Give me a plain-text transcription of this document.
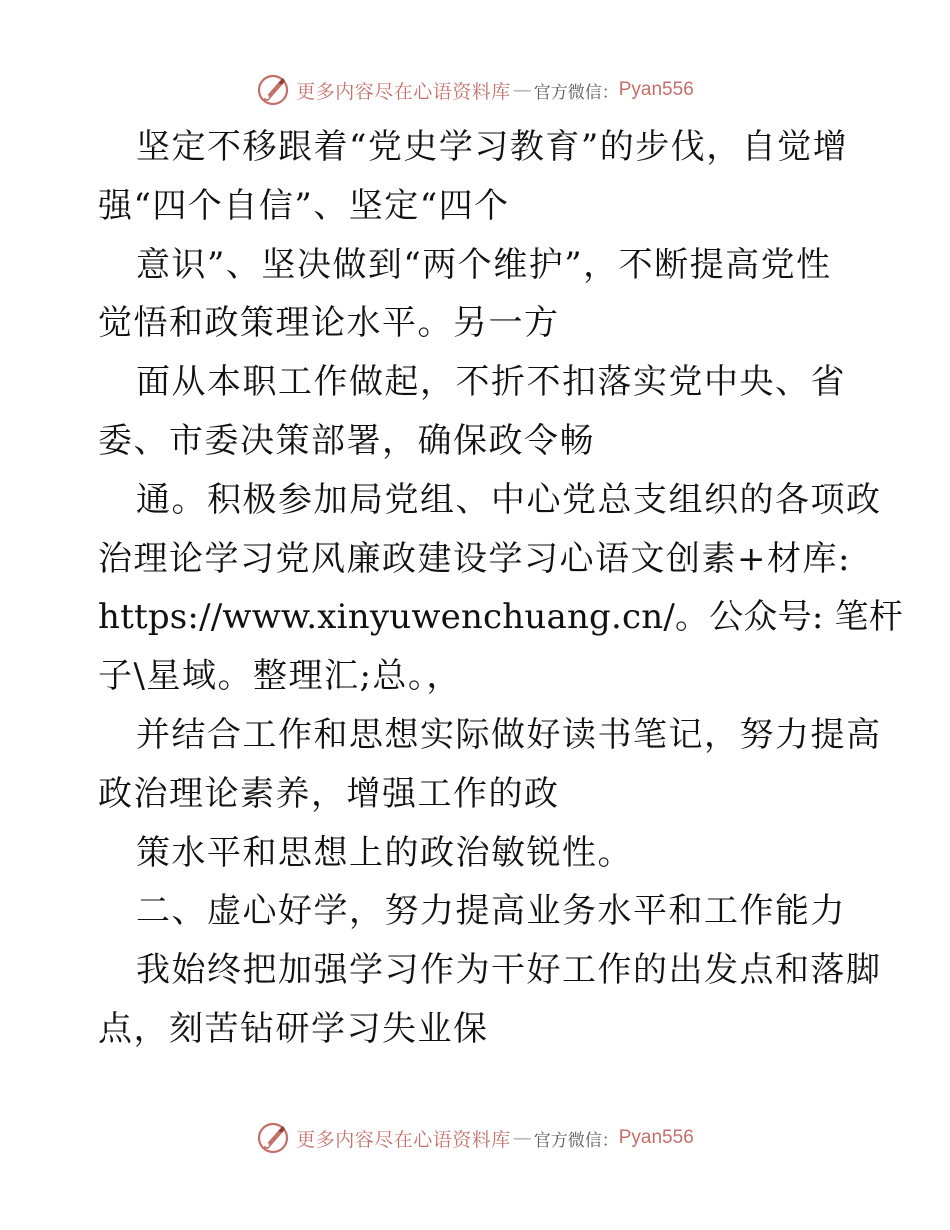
更多内容尽在心语资料库 — 官方微信： Pyan556
坚定不移跟着“党史学习教育”的步伐，自觉增
强“四个自信”、坚定“四个
意识”、坚决做到“两个维护”，不断提高党性
觉悟和政策理论水平。另一方
面从本职工作做起，不折不扣落实党中央、省
委、市委决策部署，确保政令畅
通。积极参加局党组、中心党总支组织的各项政
治理论学习党风廉政建设学习心语文创素+材库:
https://www.xinyuwenchuang.cn/。公众号: 笔杆
子\星域。整理汇;总。，
并结合工作和思想实际做好读书笔记，努力提高
政治理论素养，增强工作的政
策水平和思想上的政治敏锐性。
二、虚心好学，努力提高业务水平和工作能力
我始终把加强学习作为干好工作的出发点和落脚
点，刻苦钻研学习失业保
更多内容尽在心语资料库 — 官方微信： Pyan556
